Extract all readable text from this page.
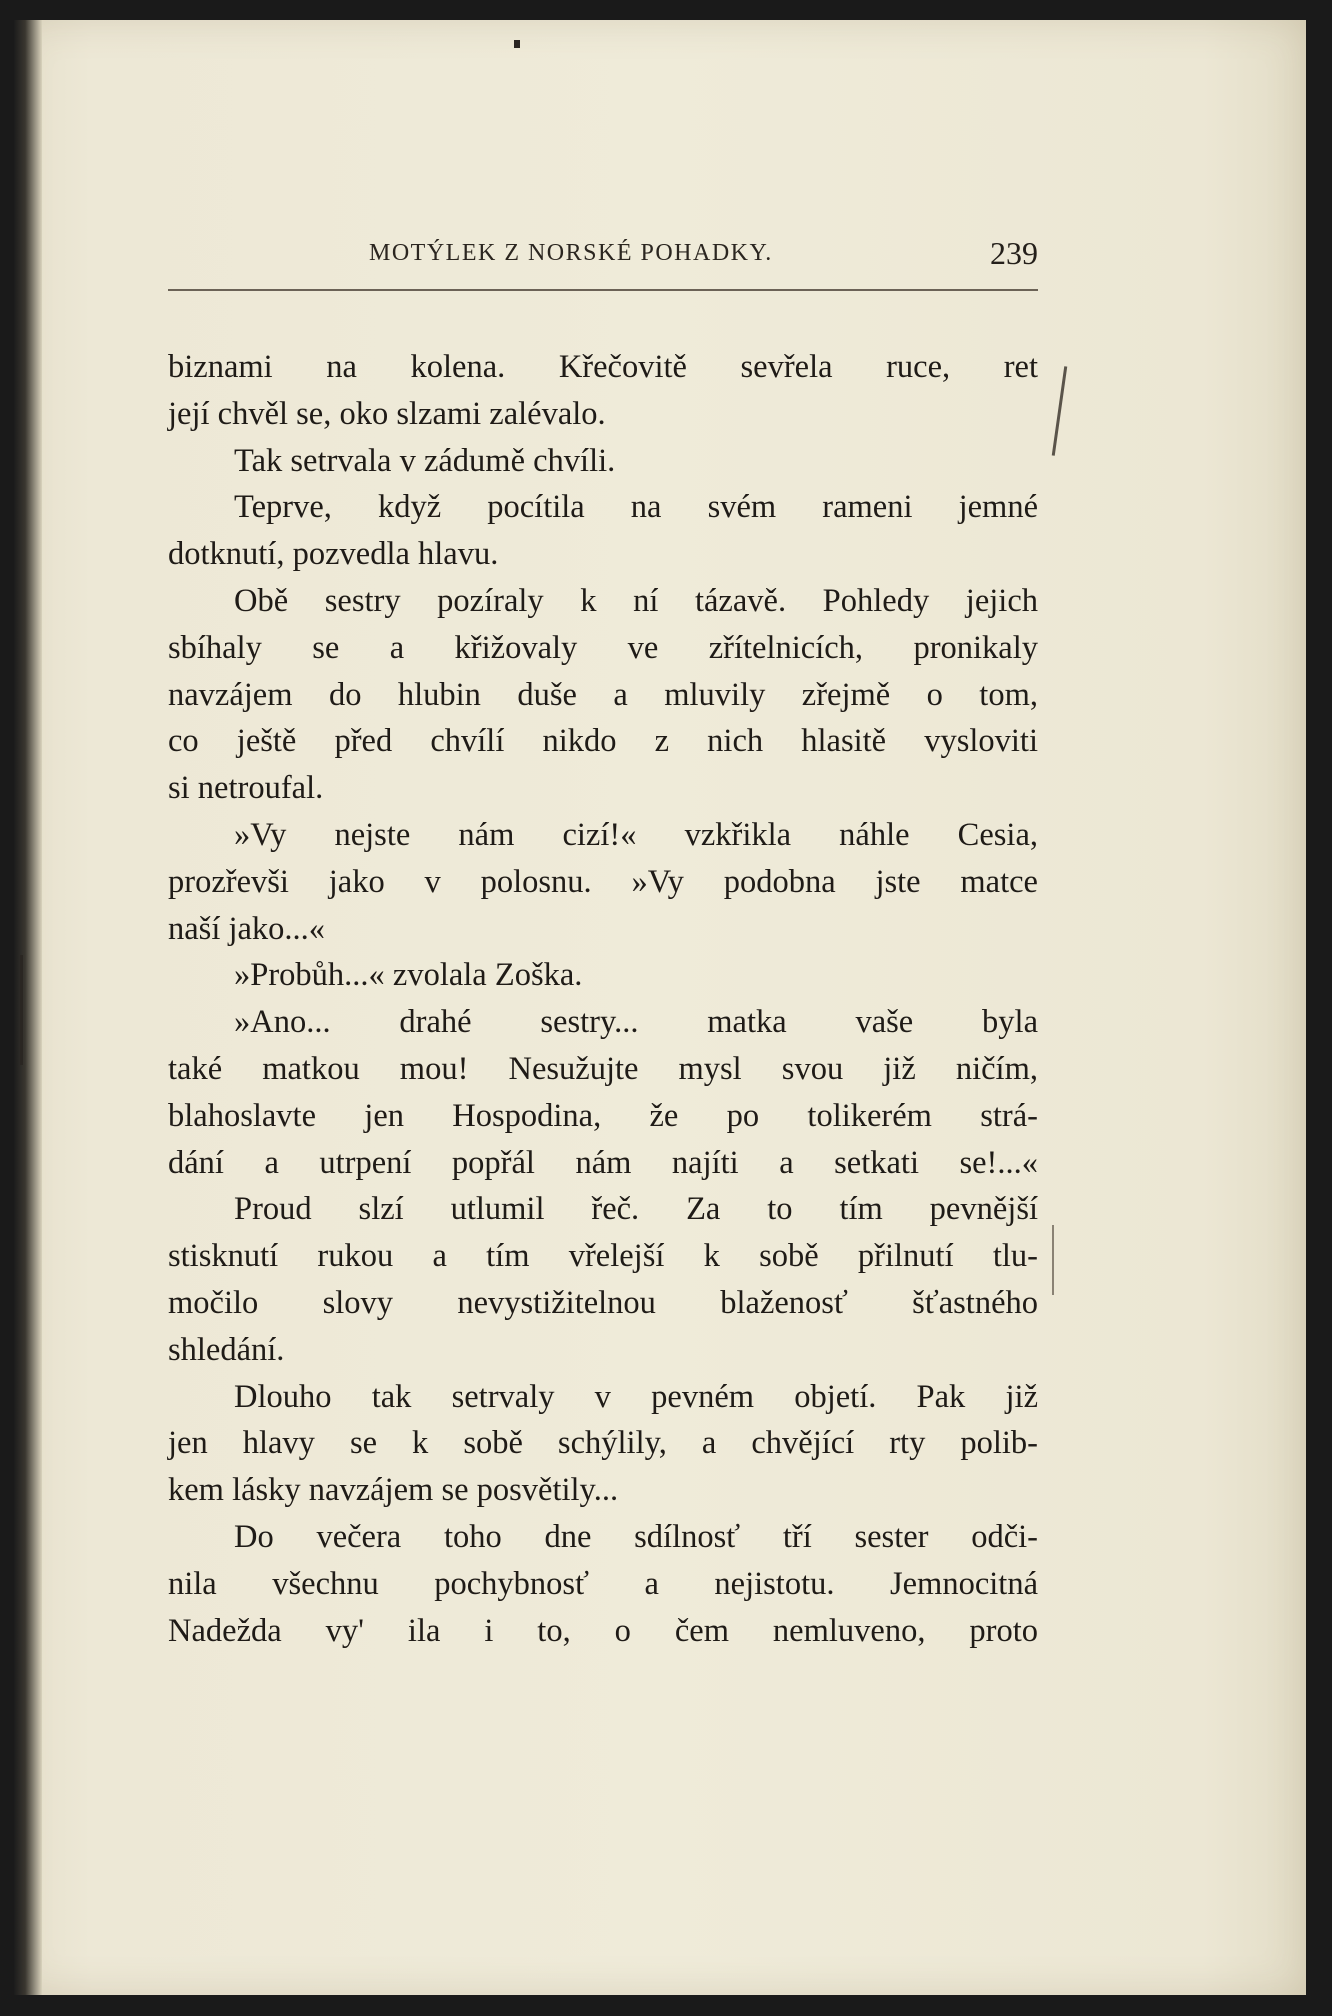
MOTÝLEK Z NORSKÉ POHADKY.	239
biznami na kolena. Křečovitě sevřela ruce, ret
její chvěl se, oko slzami zalévalo.
Tak setrvala v zádumě chvíli.
Teprve, když pocítila na svém rameni jemné
dotknutí, pozvedla hlavu.
Obě sestry pozíraly k ní tázavě. Pohledy jejich
sbíhaly se a křižovaly ve zřítelnicích, pronikaly
navzájem do hlubin duše a mluvily zřejmě o tom,
co ještě před chvílí nikdo z nich hlasitě vysloviti
si netroufal.
»Vy nejste nám cizí!« vzkřikla náhle Cesia,
prozřevši jako v polosnu. »Vy podobna jste matce
naší jako...«
»Probůh...« zvolala Zoška.
»Ano... drahé sestry... matka vaše byla
také matkou mou! Nesužujte mysl svou již ničím,
blahoslavte jen Hospodina, že po tolikerém strá-
dání a utrpení popřál nám najíti a setkati se!...«
Proud slzí utlumil řeč. Za to tím pevnější
stisknutí rukou a tím vřelejší k sobě přilnutí tlu-
močilo slovy nevystižitelnou blaženosť šťastného
shledání.
Dlouho tak setrvaly v pevném objetí. Pak již
jen hlavy se k sobě schýlily, a chvějící rty polib-
kem lásky navzájem se posvětily...
Do večera toho dne sdílnosť tří sester odči-
nila všechnu pochybnosť a nejistotu. Jemnocitná
Nadežda vy' ila i to, o čem nemluveno, proto
